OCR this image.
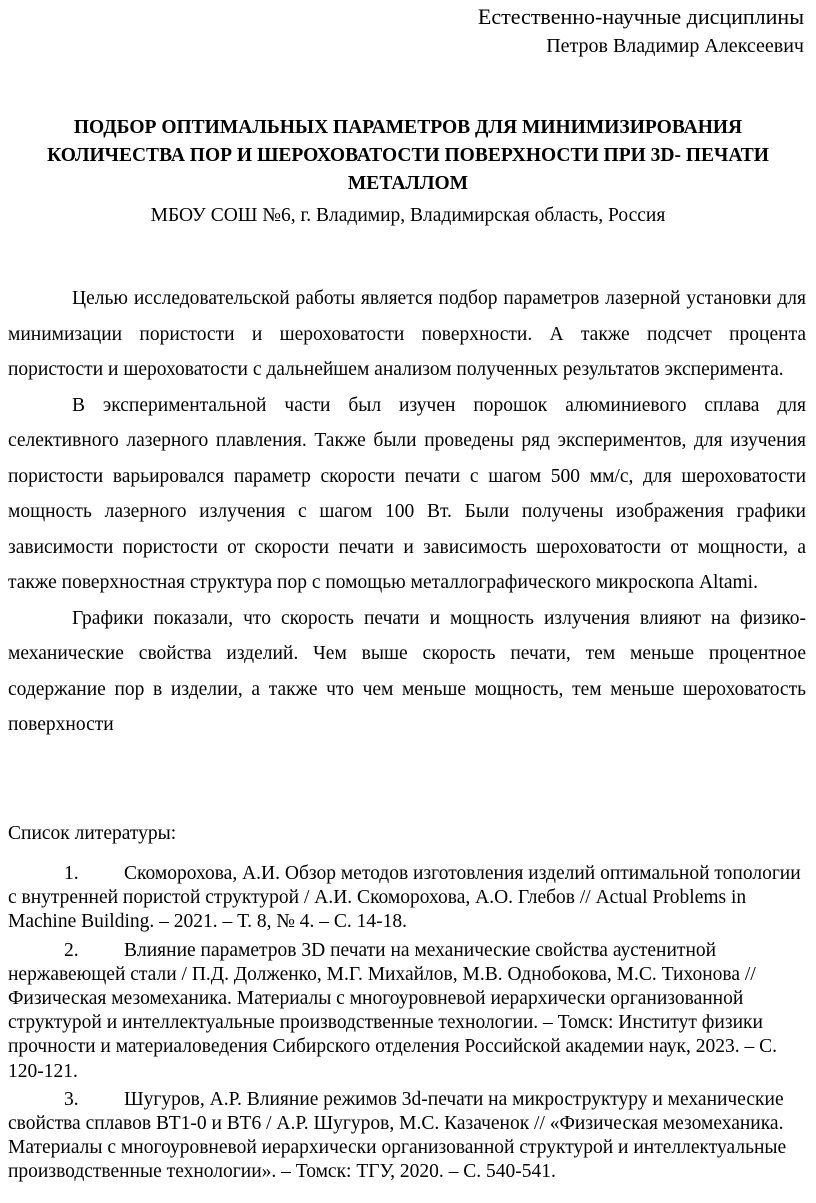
Естественно-научные дисциплины
Петров Владимир Алексеевич
ПОДБОР ОПТИМАЛЬНЫХ ПАРАМЕТРОВ ДЛЯ МИНИМИЗИРОВАНИЯ КОЛИЧЕСТВА ПОР И ШЕРОХОВАТОСТИ ПОВЕРХНОСТИ ПРИ 3D- ПЕЧАТИ МЕТАЛЛОМ
МБОУ СОШ №6, г. Владимир, Владимирская область, Россия

Целью исследовательской работы является подбор параметров лазерной установки для минимизации пористости и шероховатости поверхности. А также подсчет процента пористости и шероховатости с дальнейшем анализом полученных результатов эксперимента.

В экспериментальной части был изучен порошок алюминиевого сплава для селективного лазерного плавления. Также были проведены ряд экспериментов, для изучения пористости варьировался параметр скорости печати с шагом 500 мм/с, для шероховатости мощность лазерного излучения с шагом 100 Вт. Были получены изображения графики зависимости пористости от скорости печати и зависимость шероховатости от мощности, а также поверхностная структура пор с помощью металлографического микроскопа Altami.

Графики показали, что скорость печати и мощность излучения влияют на физико-механические свойства изделий. Чем выше скорость печати, тем меньше процентное содержание пор в изделии, а также что чем меньше мощность, тем меньше шероховатость поверхности

Список литературы:
1. Скоморохова, А.И. Обзор методов изготовления изделий оптимальной топологии с внутренней пористой структурой / А.И. Скоморохова, А.О. Глебов // Actual Problems in Machine Building. – 2021. – Т. 8, № 4. – С. 14-18.
2. Влияние параметров 3D печати на механические свойства аустенитной нержавеющей стали / П.Д. Долженко, М.Г. Михайлов, М.В. Однобокова, М.С. Тихонова // Физическая мезомеханика. Материалы с многоуровневой иерархически организованной структурой и интеллектуальные производственные технологии. – Томск: Институт физики прочности и материаловедения Сибирского отделения Российской академии наук, 2023. – С. 120-121.
3. Шугуров, А.Р. Влияние режимов 3d-печати на микроструктуру и механические свойства сплавов ВТ1-0 и ВТ6 / А.Р. Шугуров, М.С. Казаченок // «Физическая мезомеханика. Материалы с многоуровневой иерархически организованной структурой и интеллектуальные производственные технологии». – Томск: ТГУ, 2020. – С. 540-541.
